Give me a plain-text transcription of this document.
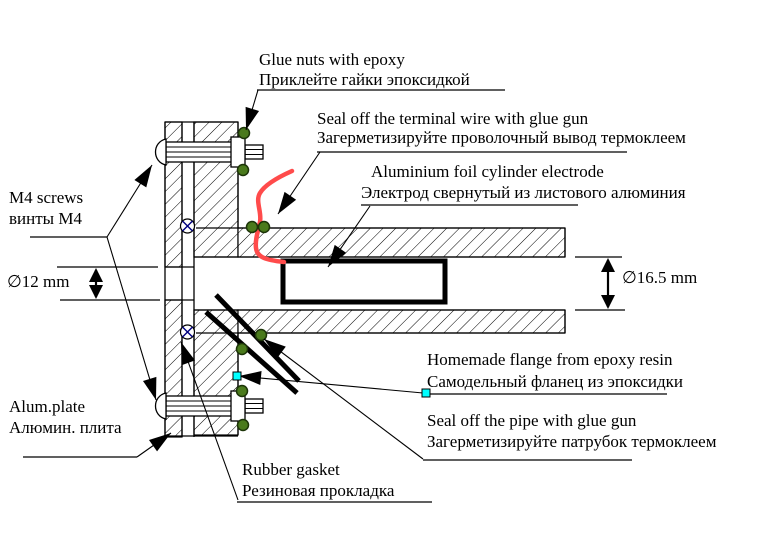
Glue nuts with epoxy
Приклейте гайки эпоксидкой
Seal off the terminal wire with glue gun
Загерметизируйте проволочный вывод термоклеем
Aluminium foil cylinder electrode
Электрод свернутый из листового алюминия
M4 screws
винты М4
∅12 mm
Alum.plate
Алюмин. плита
Rubber gasket
Резиновая прокладка
Homemade flange from epoxy resin
Самодельный фланец из эпоксидки
Seal off the pipe with glue gun
Загерметизируйте патрубок термоклеем
∅16.5 mm
